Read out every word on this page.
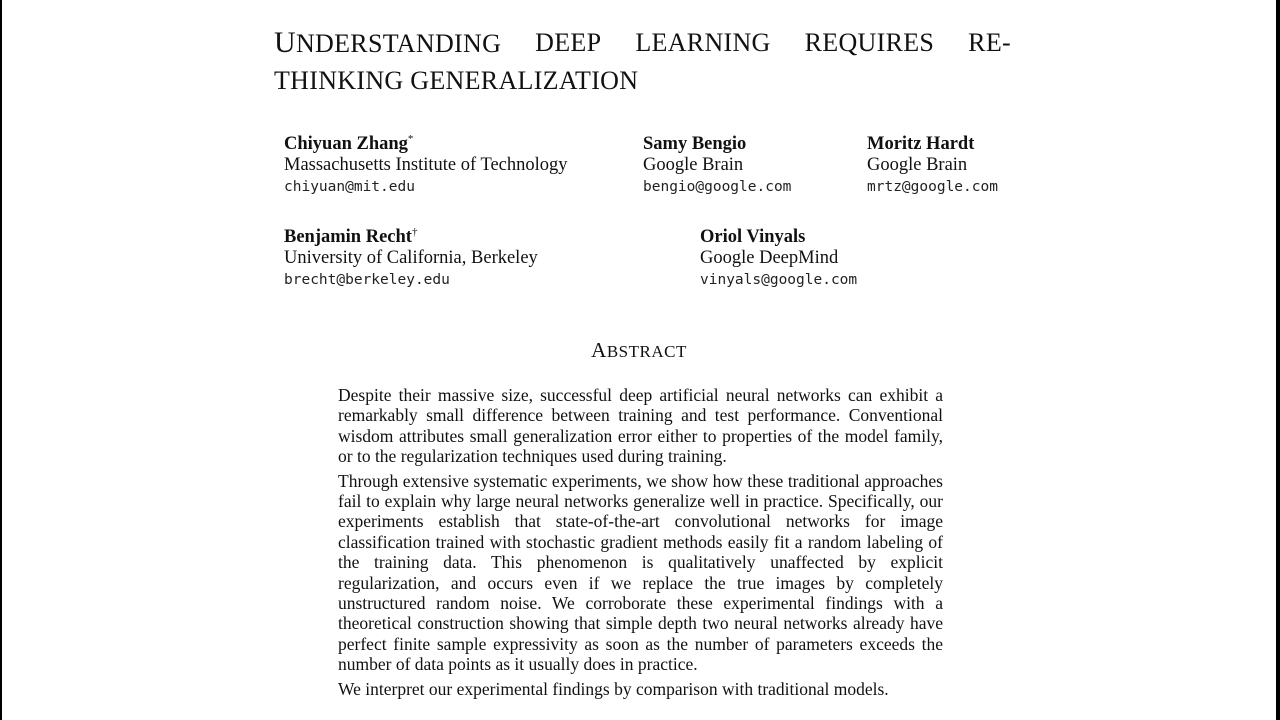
UNDERSTANDING DEEP LEARNING REQUIRES RE-
THINKING GENERALIZATION
Chiyuan Zhang*
Massachusetts Institute of Technology
chiyuan@mit.edu
Samy Bengio
Google Brain
bengio@google.com
Moritz Hardt
Google Brain
mrtz@google.com
Benjamin Recht†
University of California, Berkeley
brecht@berkeley.edu
Oriol Vinyals
Google DeepMind
vinyals@google.com
ABSTRACT

Despite their massive size, successful deep artificial neural networks can exhibit a remarkably small difference between training and test performance. Conventional wisdom attributes small generalization error either to properties of the model family, or to the regularization techniques used during training.

Through extensive systematic experiments, we show how these traditional approaches fail to explain why large neural networks generalize well in practice. Specifically, our experiments establish that state-of-the-art convolutional networks for image classification trained with stochastic gradient methods easily fit a random labeling of the training data. This phenomenon is qualitatively unaffected by explicit regularization, and occurs even if we replace the true images by completely unstructured random noise. We corroborate these experimental findings with a theoretical construction showing that simple depth two neural networks already have perfect finite sample expressivity as soon as the number of parameters exceeds the number of data points as it usually does in practice.

We interpret our experimental findings by comparison with traditional models.
